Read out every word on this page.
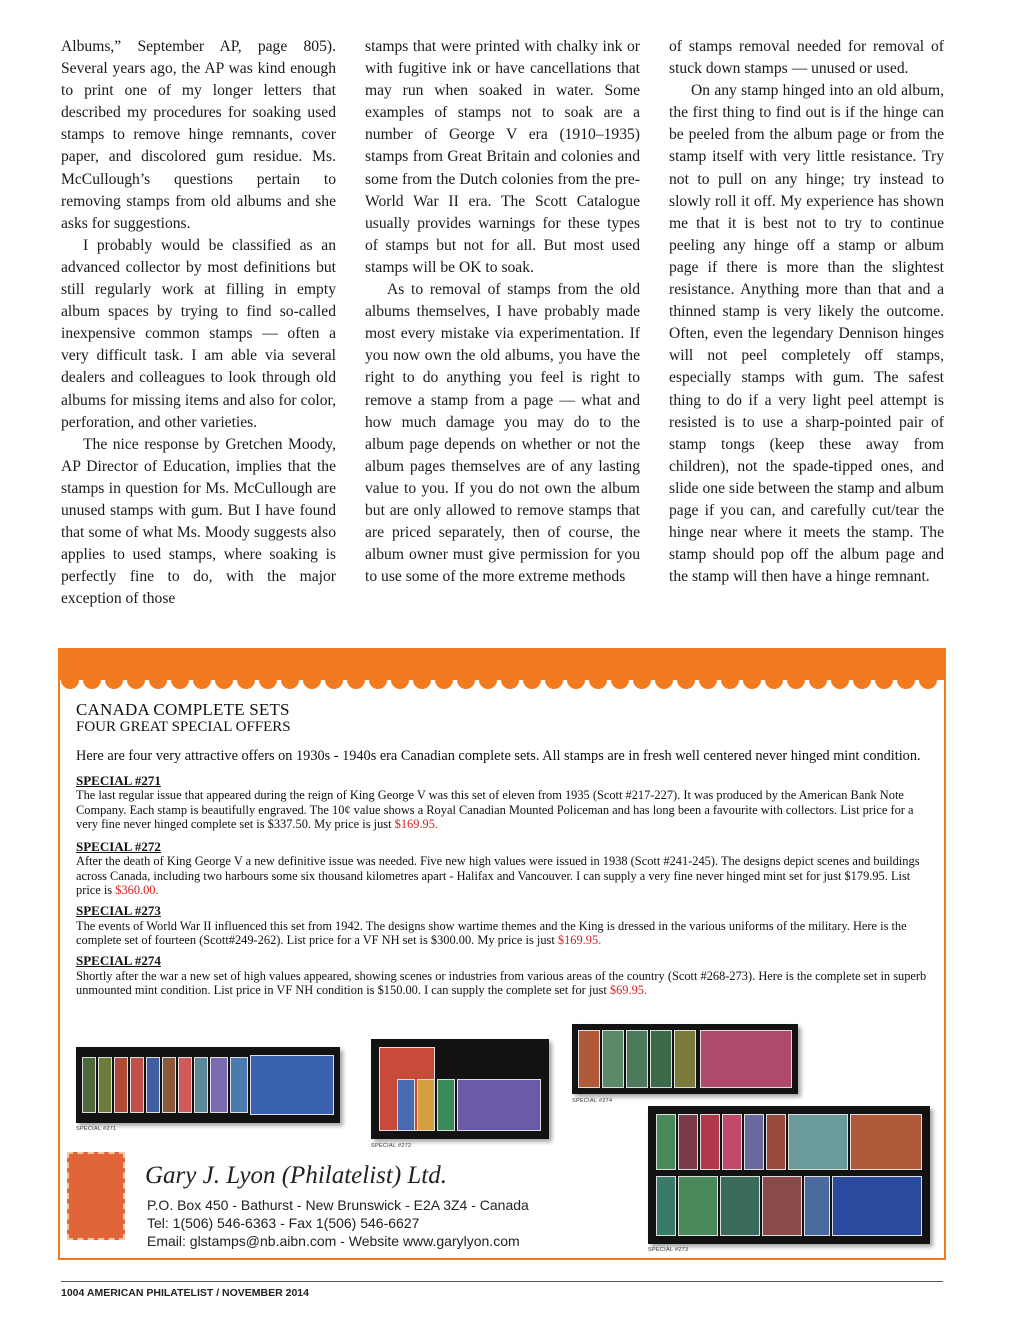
Albums,” September AP, page 805). Several years ago, the AP was kind enough to print one of my longer letters that described my procedures for soaking used stamps to remove hinge remnants, cover paper, and discolored gum residue. Ms. McCullough’s questions pertain to removing stamps from old albums and she asks for suggestions.

I probably would be classified as an advanced collector by most definitions but still regularly work at filling in empty album spaces by trying to find so-called inexpensive common stamps — often a very difficult task. I am able via several dealers and colleagues to look through old albums for missing items and also for color, perforation, and other varieties.

The nice response by Gretchen Moody, AP Director of Education, implies that the stamps in question for Ms. McCullough are unused stamps with gum. But I have found that some of what Ms. Moody suggests also applies to used stamps, where soaking is perfectly fine to do, with the major exception of those

stamps that were printed with chalky ink or with fugitive ink or have cancellations that may run when soaked in water. Some examples of stamps not to soak are a number of George V era (1910–1935) stamps from Great Britain and colonies and some from the Dutch colonies from the pre-World War II era. The Scott Catalogue usually provides warnings for these types of stamps but not for all. But most used stamps will be OK to soak.

As to removal of stamps from the old albums themselves, I have probably made most every mistake via experimentation. If you now own the old albums, you have the right to do anything you feel is right to remove a stamp from a page — what and how much damage you may do to the album page depends on whether or not the album pages themselves are of any lasting value to you. If you do not own the album but are only allowed to remove stamps that are priced separately, then of course, the album owner must give permission for you to use some of the more extreme methods

of stamps removal needed for removal of stuck down stamps — unused or used.

On any stamp hinged into an old album, the first thing to find out is if the hinge can be peeled from the album page or from the stamp itself with very little resistance. Try not to pull on any hinge; try instead to slowly roll it off. My experience has shown me that it is best not to try to continue peeling any hinge off a stamp or album page if there is more than the slightest resistance. Anything more than that and a thinned stamp is very likely the outcome. Often, even the legendary Dennison hinges will not peel completely off stamps, especially stamps with gum. The safest thing to do if a very light peel attempt is resisted is to use a sharp-pointed pair of stamp tongs (keep these away from children), not the spade-tipped ones, and slide one side between the stamp and album page if you can, and carefully cut/tear the hinge near where it meets the stamp. The stamp should pop off the album page and the stamp will then have a hinge remnant.

CANADA COMPLETE SETS
FOUR GREAT SPECIAL OFFERS
Here are four very attractive offers on 1930s - 1940s era Canadian complete sets. All stamps are in fresh well centered never hinged mint condition.
SPECIAL #271
The last regular issue that appeared during the reign of King George V was this set of eleven from 1935 (Scott #217-227). It was produced by the American Bank Note Company. Each stamp is beautifully engraved. The 10¢ value shows a Royal Canadian Mounted Policeman and has long been a favourite with collectors. List price for a very fine never hinged complete set is $337.50. My price is just $169.95.
SPECIAL #272
After the death of King George V a new definitive issue was needed. Five new high values were issued in 1938 (Scott #241-245). The designs depict scenes and buildings across Canada, including two harbours some six thousand kilometres apart - Halifax and Vancouver. I can supply a very fine never hinged mint set for just $179.95. List price is $360.00.
SPECIAL #273
The events of World War II influenced this set from 1942. The designs show wartime themes and the King is dressed in the various uniforms of the military. Here is the complete set of fourteen (Scott#249-262). List price for a VF NH set is $300.00. My price is just $169.95.
SPECIAL #274
Shortly after the war a new set of high values appeared, showing scenes or industries from various areas of the country (Scott #268-273). Here is the complete set in superb unmounted mint condition. List price in VF NH condition is $150.00. I can supply the complete set for just $69.95.
SPECIAL #271
SPECIAL #272
SPECIAL #274
SPECIAL #273
Gary J. Lyon (Philatelist) Ltd.
P.O. Box 450 - Bathurst - New Brunswick - E2A 3Z4 - Canada
Tel: 1(506) 546-6363 - Fax 1(506) 546-6627
Email: glstamps@nb.aibn.com - Website www.garylyon.com
1004 AMERICAN PHILATELIST / NOVEMBER 2014
